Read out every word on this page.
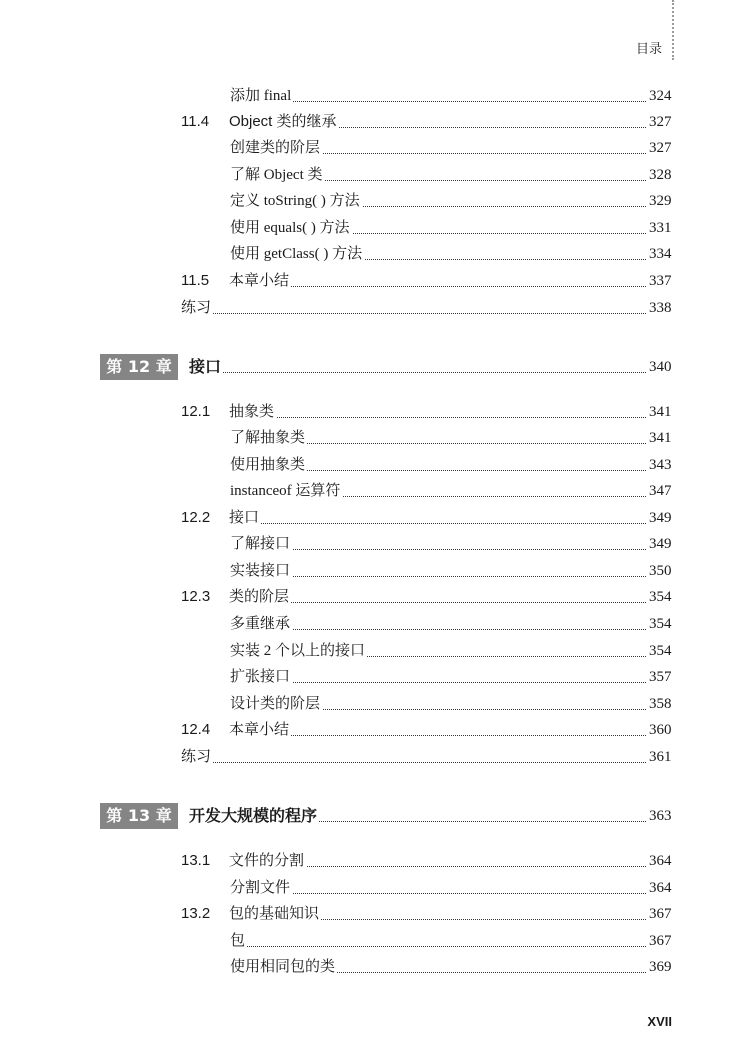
目录
添加 final	324
11.4 Object 类的继承	327
创建类的阶层	327
了解 Object 类	328
定义 toString( ) 方法	329
使用 equals( ) 方法	331
使用 getClass( ) 方法	334
11.5 本章小结	337
练习	338
第 12 章	接口	340
12.1 抽象类	341
了解抽象类	341
使用抽象类	343
instanceof 运算符	347
12.2 接口	349
了解接口	349
实装接口	350
12.3 类的阶层	354
多重继承	354
实装 2 个以上的接口	354
扩张接口	357
设计类的阶层	358
12.4 本章小结	360
练习	361
第 13 章	开发大规模的程序	363
13.1 文件的分割	364
分割文件	364
13.2 包的基础知识	367
包	367
使用相同包的类	369
XVII
